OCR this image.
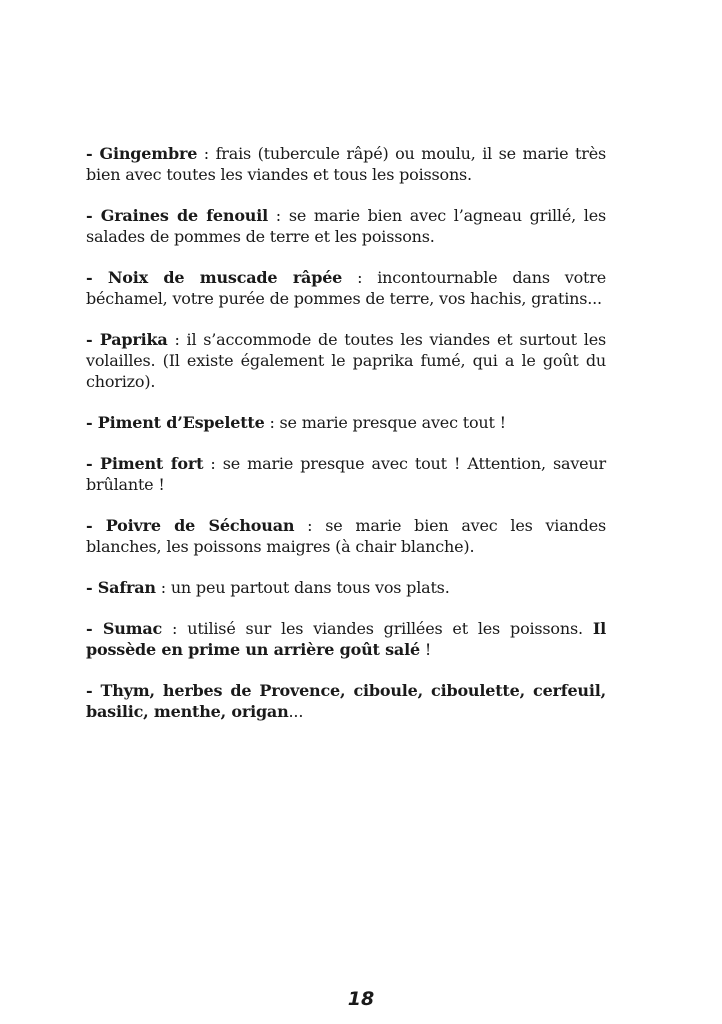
- Gingembre : frais (tubercule râpé) ou moulu, il se marie très bien avec toutes les viandes et tous les poissons.

- Graines de fenouil : se marie bien avec l’agneau grillé, les salades de pommes de terre et les poissons.

- Noix de muscade râpée : incontournable dans votre béchamel, votre purée de pommes de terre, vos hachis, gratins...

- Paprika : il s’accommode de toutes les viandes et surtout les volailles. (Il existe également le paprika fumé, qui a le goût du chorizo).

- Piment d’Espelette : se marie presque avec tout !

- Piment fort : se marie presque avec tout ! Attention, saveur brûlante !

- Poivre de Séchouan : se marie bien avec les viandes blanches, les poissons maigres (à chair blanche).

- Safran : un peu partout dans tous vos plats.

- Sumac : utilisé sur les viandes grillées et les poissons. Il possède en prime un arrière goût salé !

- Thym, herbes de Provence, ciboule, ciboulette, cerfeuil, basilic, menthe, origan...

18
